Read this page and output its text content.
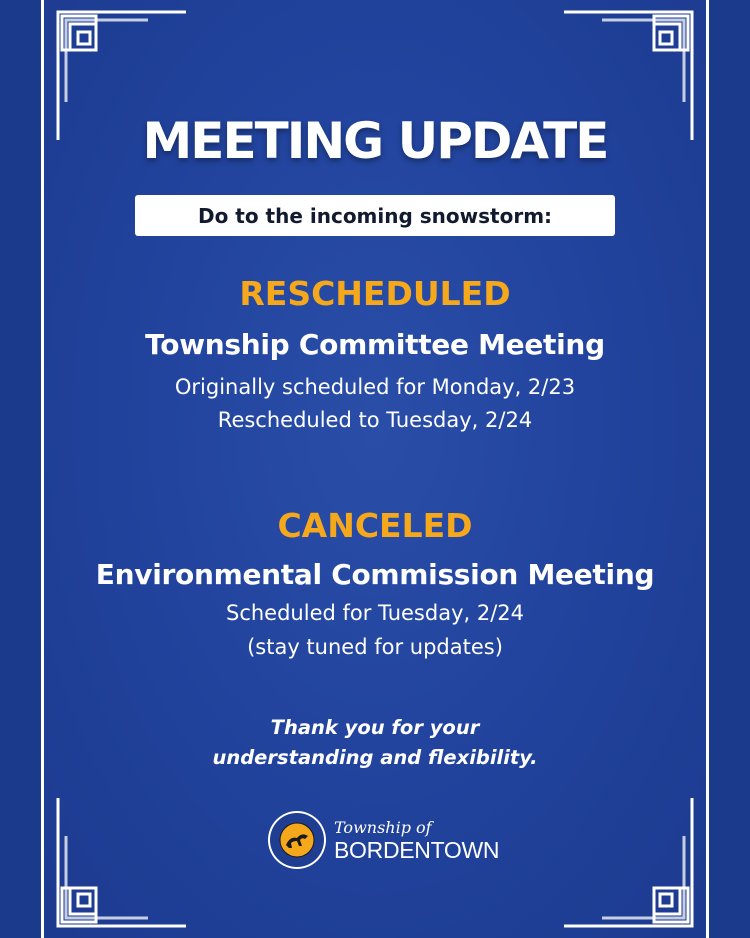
MEETING UPDATE
Do to the incoming snowstorm:
RESCHEDULED
Township Committee Meeting
Originally scheduled for Monday, 2/23
Rescheduled to Tuesday, 2/24
CANCELED
Environmental Commission Meeting
Scheduled for Tuesday, 2/24
(stay tuned for updates)
Thank you for your
understanding and flexibility.
Township of
BORDENTOWN
